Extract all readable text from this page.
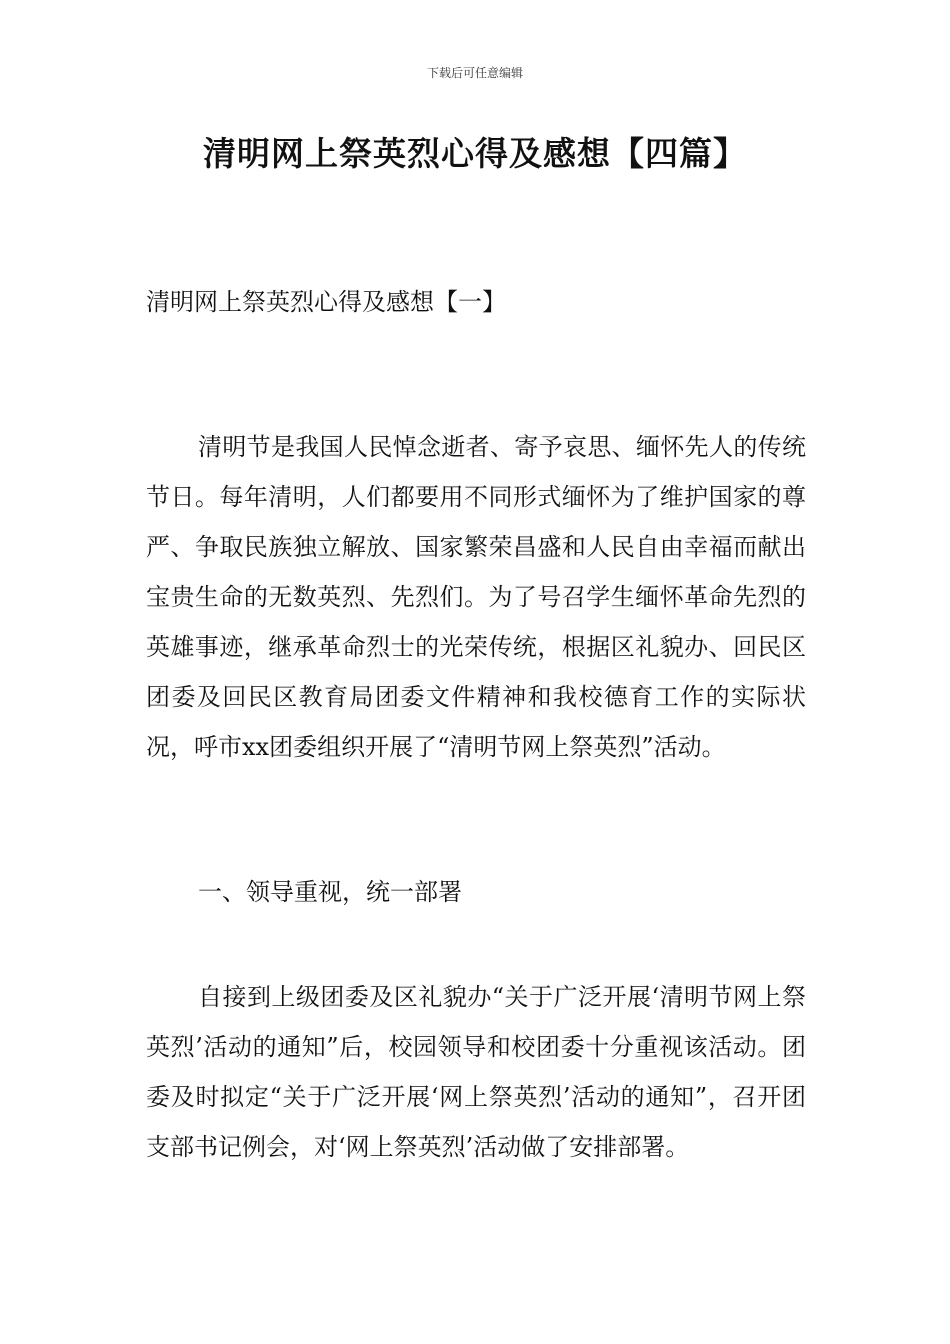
下载后可任意编辑
清明网上祭英烈心得及感想【四篇】
清明网上祭英烈心得及感想【一】

清明节是我国人民悼念逝者、寄予哀思、缅怀先人的传统节日。每年清明，人们都要用不同形式缅怀为了维护国家的尊严、争取民族独立解放、国家繁荣昌盛和人民自由幸福而献出宝贵生命的无数英烈、先烈们。为了号召学生缅怀革命先烈的英雄事迹，继承革命烈士的光荣传统，根据区礼貌办、回民区团委及回民区教育局团委文件精神和我校德育工作的实际状况，呼市xx团委组织开展了“清明节网上祭英烈”活动。

一、领导重视，统一部署

自接到上级团委及区礼貌办“关于广泛开展‘清明节网上祭英烈’活动的通知”后，校园领导和校团委十分重视该活动。团委及时拟定“关于广泛开展‘网上祭英烈’活动的通知”，召开团支部书记例会，对‘网上祭英烈’活动做了安排部署。
